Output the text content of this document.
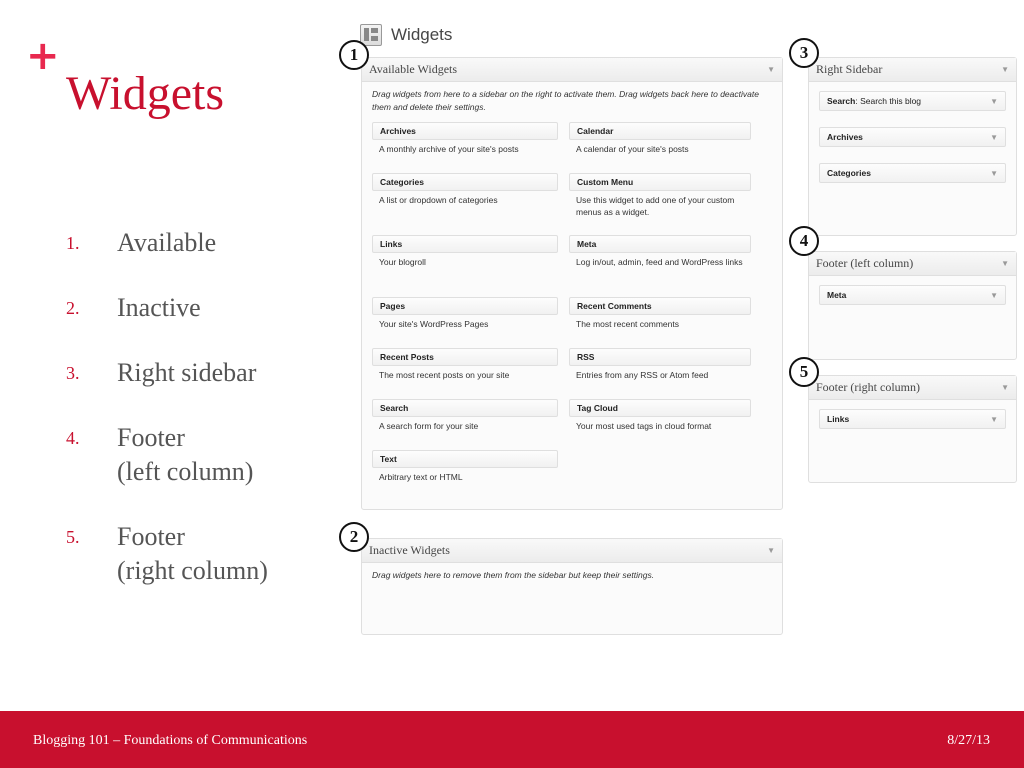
+
Widgets
1.	Available
2.	Inactive
3.	Right sidebar
4.	Footer
(left column)
5.	Footer
(right column)
Widgets
Available Widgets	▼

Drag widgets from here to a sidebar on the right to activate them. Drag widgets back here to deactivate them and delete their settings.

Archives
A monthly archive of your site's posts
Calendar
A calendar of your site's posts
Categories
A list or dropdown of categories
Custom Menu
Use this widget to add one of your custom menus as a widget.
Links
Your blogroll
Meta
Log in/out, admin, feed and WordPress links
Pages
Your site's WordPress Pages
Recent Comments
The most recent comments
Recent Posts
The most recent posts on your site
RSS
Entries from any RSS or Atom feed
Search
A search form for your site
Tag Cloud
Your most used tags in cloud format
Text
Arbitrary text or HTML
Inactive Widgets	▼

Drag widgets here to remove them from the sidebar but keep their settings.

Right Sidebar	▼
Search: Search this blog	▼
Archives	▼
Categories	▼
Footer (left column)	▼
Meta	▼
Footer (right column)	▼
Links	▼
1
2
3
4
5
Blogging 101 – Foundations of Communications	8/27/13
